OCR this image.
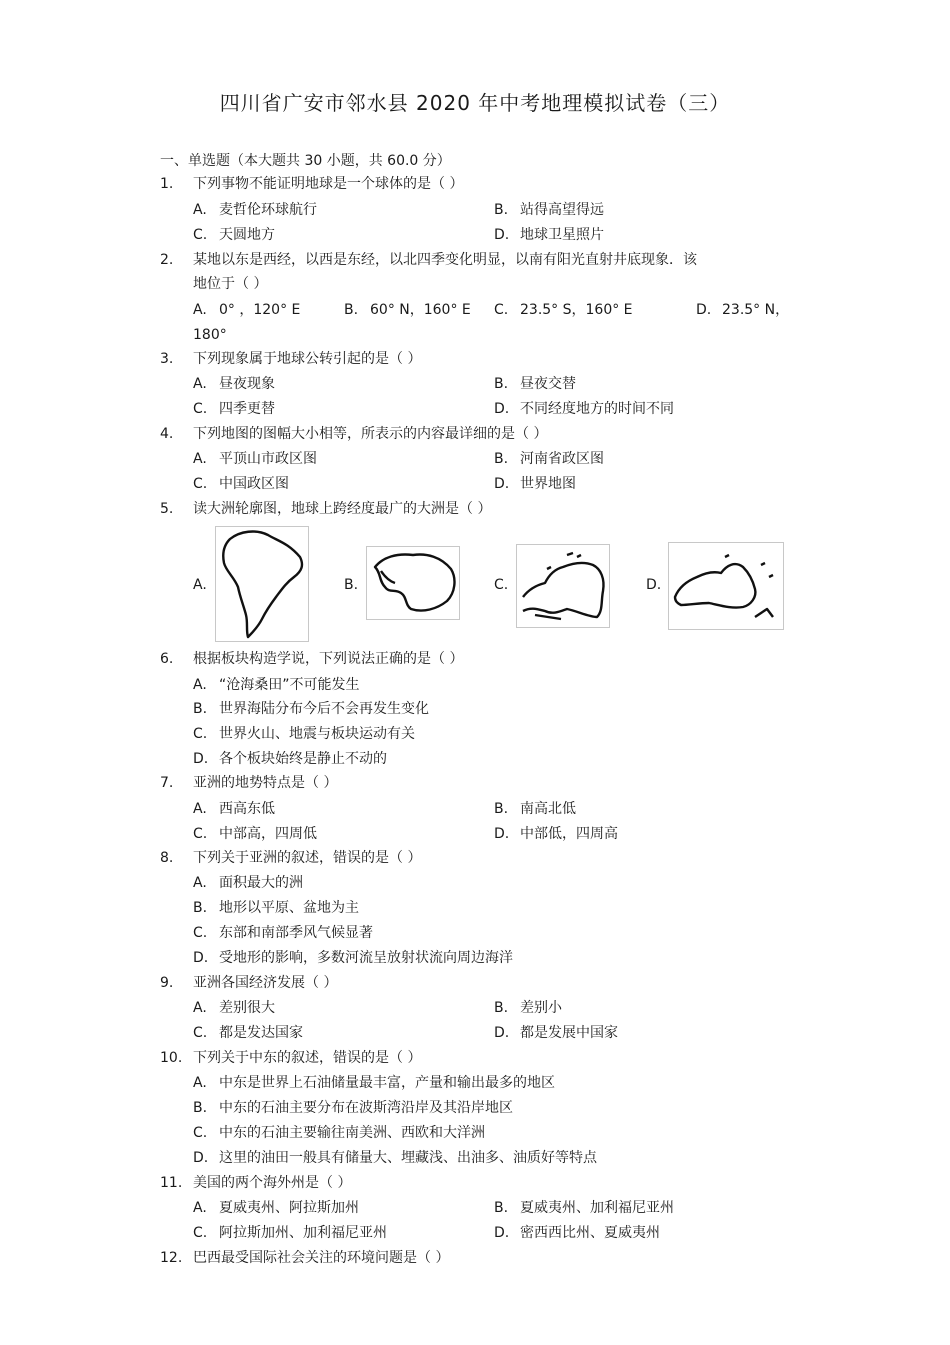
四川省广安市邻水县 2020 年中考地理模拟试卷（三）
一、单选题（本大题共 30 小题，共 60.0 分）
1. 下列事物不能证明地球是一个球体的是（ ）
A. 麦哲伦环球航行	B. 站得高望得远
C. 天圆地方	D. 地球卫星照片
2. 某地以东是西经，以西是东经，以北四季变化明显，以南有阳光直射井底现象．该
地位于（ ）
A. 0° ，120° E	B. 60° N，160° E C. 23.5° S，160° E	D. 23.5° N，
180°
3. 下列现象属于地球公转引起的是（ ）
A. 昼夜现象	B. 昼夜交替
C. 四季更替	D. 不同经度地方的时间不同
4. 下列地图的图幅大小相等，所表示的内容最详细的是（ ）
A. 平顶山市政区图	B. 河南省政区图
C. 中国政区图	D. 世界地图
5. 读大洲轮廓图，地球上跨经度最广的大洲是（ ）
A.	B.	C.	D.
6. 根据板块构造学说，下列说法正确的是（ ）
A. “沧海桑田”不可能发生
B. 世界海陆分布今后不会再发生变化
C. 世界火山、地震与板块运动有关
D. 各个板块始终是静止不动的
7. 亚洲的地势特点是（ ）
A. 西高东低	B. 南高北低
C. 中部高，四周低	D. 中部低，四周高
8. 下列关于亚洲的叙述，错误的是（ ）
A. 面积最大的洲
B. 地形以平原、盆地为主
C. 东部和南部季风气候显著
D. 受地形的影响，多数河流呈放射状流向周边海洋
9. 亚洲各国经济发展（ ）
A. 差别很大	B. 差别小
C. 都是发达国家	D. 都是发展中国家
10. 下列关于中东的叙述，错误的是（ ）
A. 中东是世界上石油储量最丰富，产量和输出最多的地区
B. 中东的石油主要分布在波斯湾沿岸及其沿岸地区
C. 中东的石油主要输往南美洲、西欧和大洋洲
D. 这里的油田一般具有储量大、埋藏浅、出油多、油质好等特点
11. 美国的两个海外州是（ ）
A. 夏威夷州、阿拉斯加州	B. 夏威夷州、加利福尼亚州
C. 阿拉斯加州、加利福尼亚州	D. 密西西比州、夏威夷州
12. 巴西最受国际社会关注的环境问题是（ ）
